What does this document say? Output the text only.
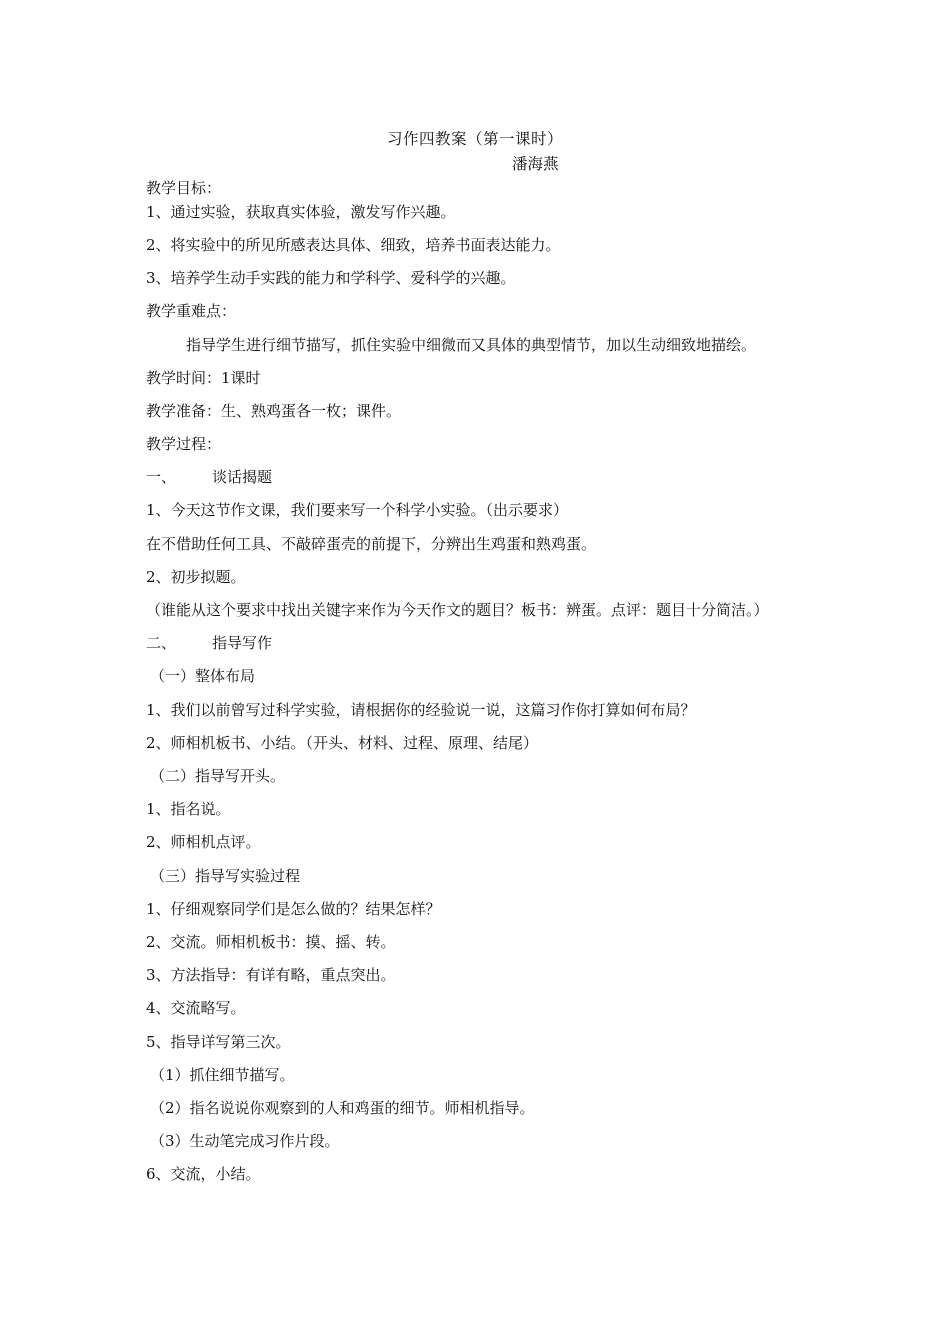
习作四教案（第一课时）
潘海燕
教学目标：
1、通过实验，获取真实体验，激发写作兴趣。
2、将实验中的所见所感表达具体、细致，培养书面表达能力。
3、培养学生动手实践的能力和学科学、爱科学的兴趣。
教学重难点：
指导学生进行细节描写，抓住实验中细微而又具体的典型情节，加以生动细致地描绘。
教学时间：1课时
教学准备：生、熟鸡蛋各一枚；课件。
教学过程：
一、 谈话揭题
1、今天这节作文课，我们要来写一个科学小实验。（出示要求）
在不借助任何工具、不敲碎蛋壳的前提下，分辨出生鸡蛋和熟鸡蛋。
2、初步拟题。
（谁能从这个要求中找出关键字来作为今天作文的题目？板书：辨蛋。点评：题目十分简洁。）
二、 指导写作
（一）整体布局
1、我们以前曾写过科学实验，请根据你的经验说一说，这篇习作你打算如何布局？
2、师相机板书、小结。（开头、材料、过程、原理、结尾）
（二）指导写开头。
1、指名说。
2、师相机点评。
（三）指导写实验过程
1、仔细观察同学们是怎么做的？结果怎样？
2、交流。师相机板书：摸、摇、转。
3、方法指导：有详有略，重点突出。
4、交流略写。
5、指导详写第三次。
（1）抓住细节描写。
（2）指名说说你观察到的人和鸡蛋的细节。师相机指导。
（3）生动笔完成习作片段。
6、交流，小结。
